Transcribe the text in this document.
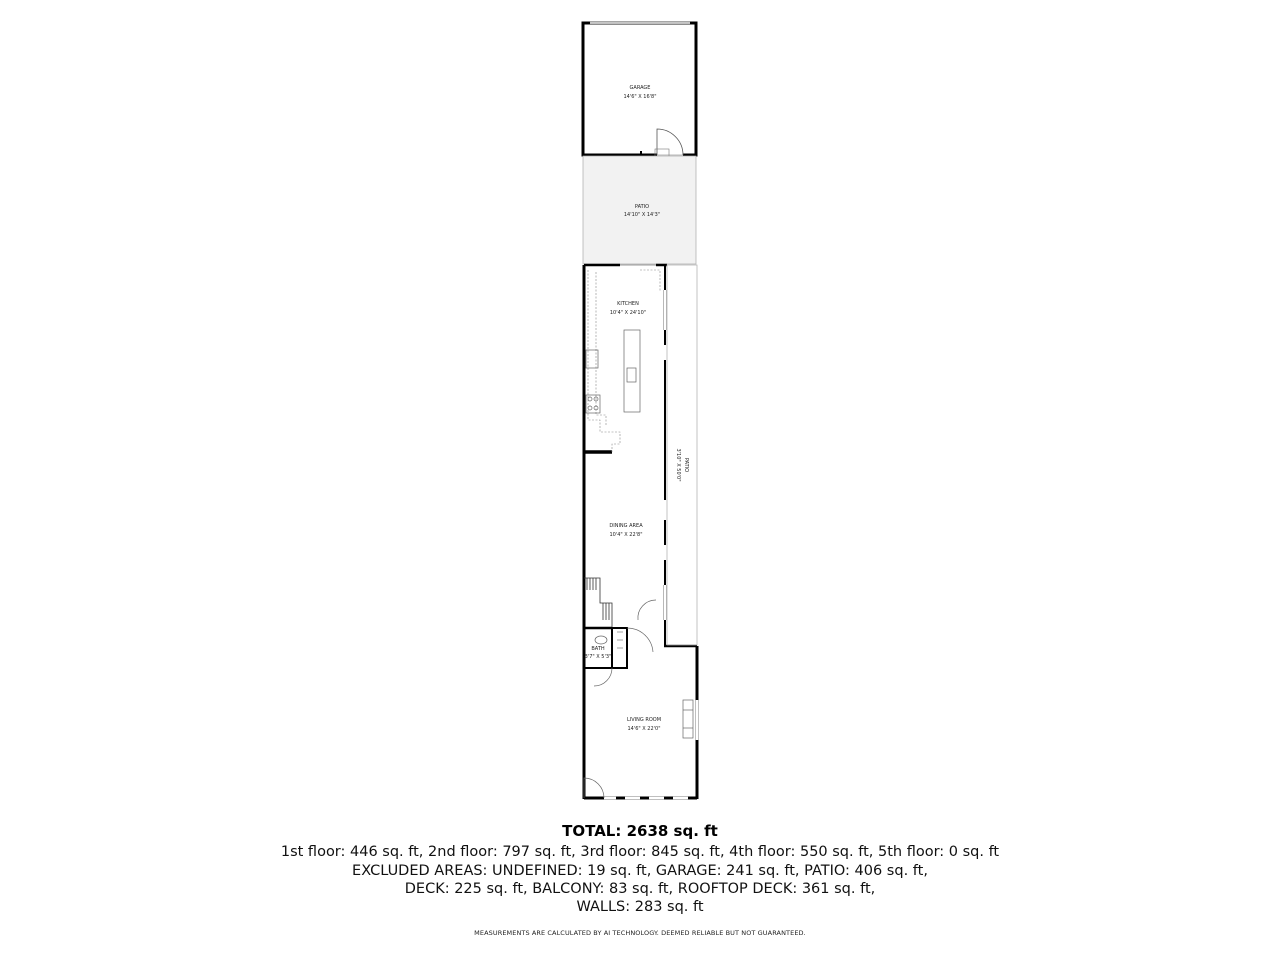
GARAGE
14'6" X 16'8"
PATIO
14'10" X 14'3"
KITCHEN
10'4" X 24'10"
PATIO
3'10" X 50'0"
DINING AREA
10'4" X 22'8"
BATH
3'7" X 5'3"
LIVING ROOM
14'6" X 22'0"
TOTAL: 2638 sq. ft
1st floor: 446 sq. ft, 2nd floor: 797 sq. ft, 3rd floor: 845 sq. ft, 4th floor: 550 sq. ft, 5th floor: 0 sq. ft
EXCLUDED AREAS: UNDEFINED: 19 sq. ft, GARAGE: 241 sq. ft, PATIO: 406 sq. ft,
DECK: 225 sq. ft, BALCONY: 83 sq. ft, ROOFTOP DECK: 361 sq. ft,
WALLS: 283 sq. ft
MEASUREMENTS ARE CALCULATED BY AI TECHNOLOGY. DEEMED RELIABLE BUT NOT GUARANTEED.
